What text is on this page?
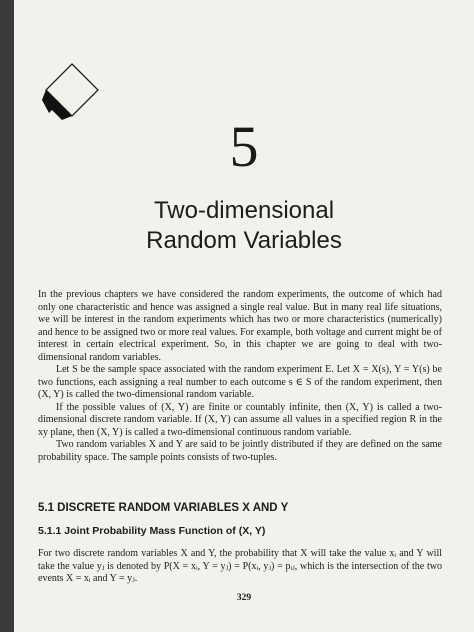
5
Two-dimensional
Random Variables

In the previous chapters we have considered the random experiments, the outcome of which had only one characteristic and hence was assigned a single real value. But in many real life situations, we will be interest in the random experiments which has two or more characteristics (numerically) and hence to be assigned two or more real values. For example, both voltage and current might be of interest in certain electrical experiment. So, in this chapter we are going to deal with two-dimensional random variables.

Let S be the sample space associated with the random experiment E. Let X = X(s), Y = Y(s) be two functions, each assigning a real number to each outcome s ∈ S of the random experiment, then (X, Y) is called the two-dimensional random variable.

If the possible values of (X, Y) are finite or countably infinite, then (X, Y) is called a two-dimensional discrete random variable. If (X, Y) can assume all values in a specified region R in the xy plane, then (X, Y) is called a two-dimensional continuous random variable.

Two random variables X and Y are said to be jointly distributed if they are defined on the same probability space. The sample points consists of two-tuples.

5.1 DISCRETE RANDOM VARIABLES X AND Y
5.1.1 Joint Probability Mass Function of (X, Y)
For two discrete random variables X and Y, the probability that X will take the value xᵢ and Y will take the value yⱼ is denoted by P(X = xᵢ, Y = yⱼ) = P(xᵢ, yⱼ) = pᵢⱼ, which is the intersection of the two events X = xᵢ and Y = yⱼ.
329
